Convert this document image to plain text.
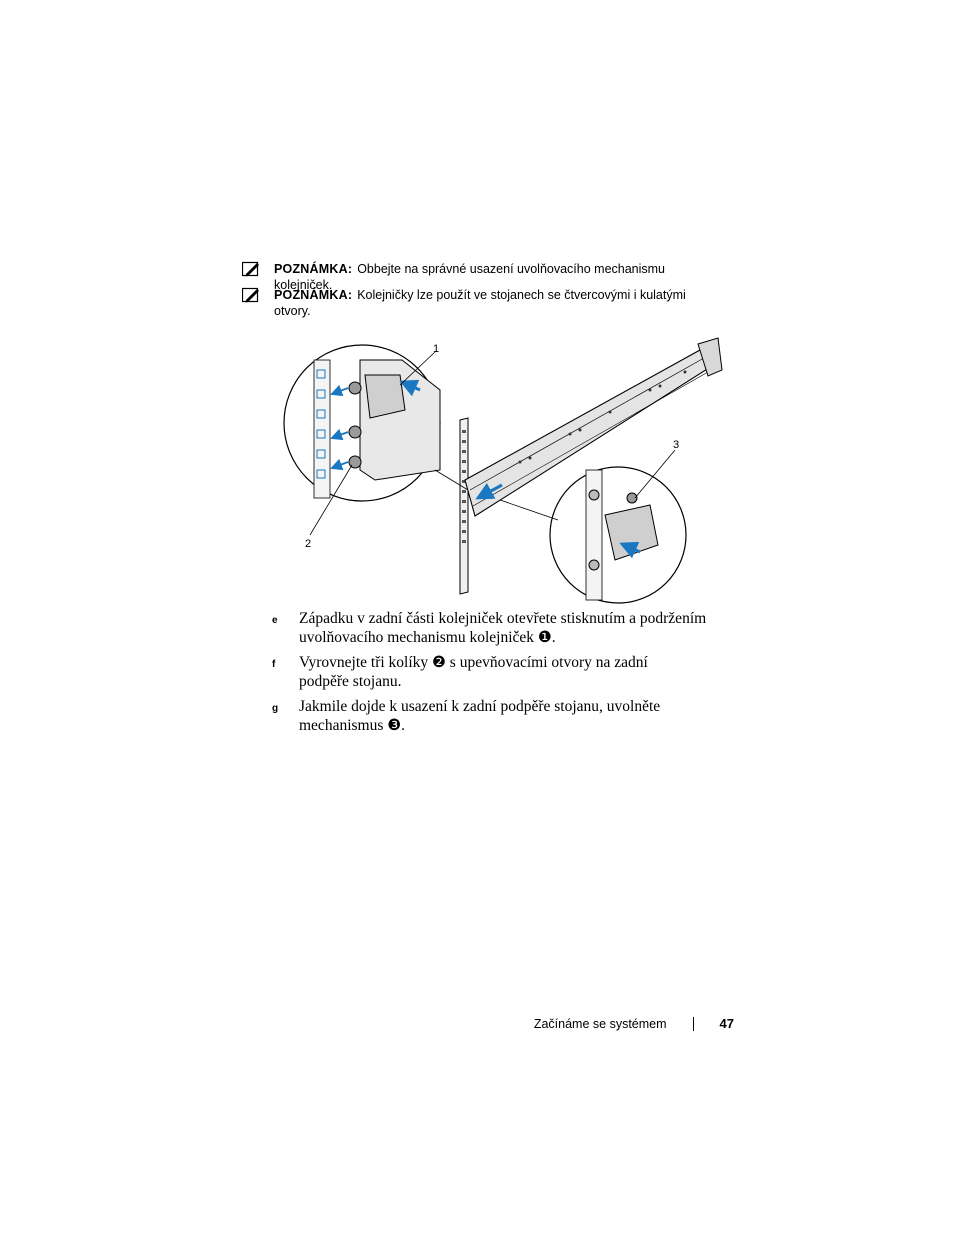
POZNÁMKA: Obbejte na správné usazení uvolňovacího mechanismu kolejniček.
POZNÁMKA: Kolejničky lze použít ve stojanech se čtvercovými i kulatými otvory.
1
2
3
e Západku v zadní části kolejniček otevřete stisknutím a podržením uvolňovacího mechanismu kolejniček ❶.
f Vyrovnejte tři kolíky ❷ s upevňovacími otvory na zadní podpěře stojanu.
g Jakmile dojde k usazení k zadní podpěře stojanu, uvolněte mechanismus ❸.
Začínáme se systémem	47
